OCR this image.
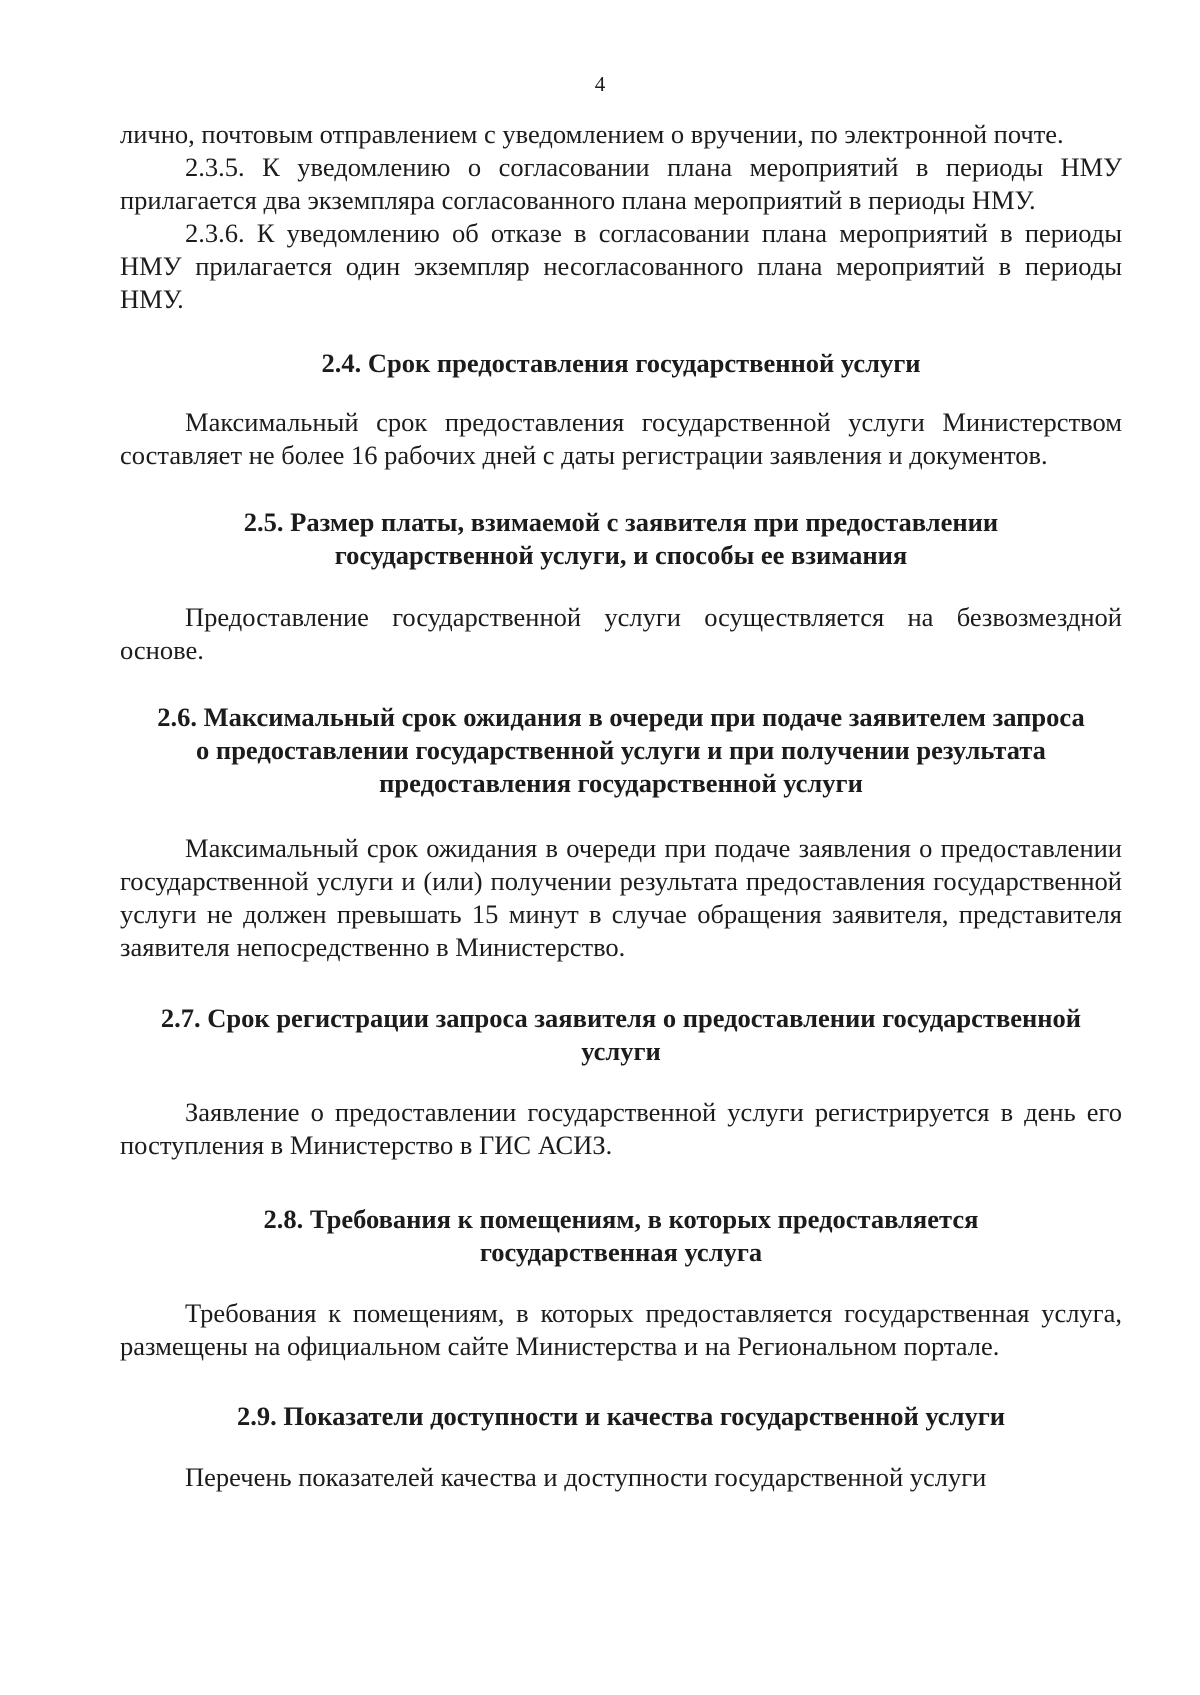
4

лично, почтовым отправлением с уведомлением о вручении, по электронной почте.

2.3.5. К уведомлению о согласовании плана мероприятий в периоды НМУ прилагается два экземпляра согласованного плана мероприятий в периоды НМУ.

2.3.6. К уведомлению об отказе в согласовании плана мероприятий в периоды НМУ прилагается один экземпляр несогласованного плана мероприятий в периоды НМУ.

2.4. Срок предоставления государственной услуги

Максимальный срок предоставления государственной услуги Министерством составляет не более 16 рабочих дней с даты регистрации заявления и документов.

2.5. Размер платы, взимаемой с заявителя при предоставлении
государственной услуги, и способы ее взимания

Предоставление государственной услуги осуществляется на безвозмездной основе.

2.6. Максимальный срок ожидания в очереди при подаче заявителем запроса
о предоставлении государственной услуги и при получении результата
предоставления государственной услуги

Максимальный срок ожидания в очереди при подаче заявления о предоставлении государственной услуги и (или) получении результата предоставления государственной услуги не должен превышать 15 минут в случае обращения заявителя, представителя заявителя непосредственно в Министерство.

2.7. Срок регистрации запроса заявителя о предоставлении государственной
услуги

Заявление о предоставлении государственной услуги регистрируется в день его поступления в Министерство в ГИС АСИЗ.

2.8. Требования к помещениям, в которых предоставляется
государственная услуга

Требования к помещениям, в которых предоставляется государственная услуга, размещены на официальном сайте Министерства и на Региональном портале.

2.9. Показатели доступности и качества государственной услуги

Перечень показателей качества и доступности государственной услуги
